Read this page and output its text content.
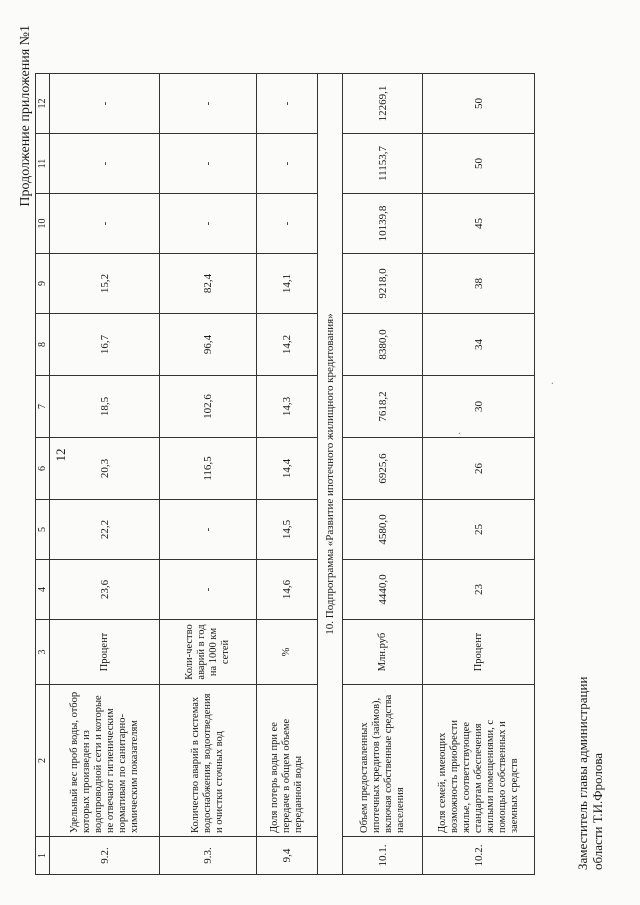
12
Продолжение приложения №1
1	2	3	4	5	6	7	8	9	10	11	12
9.2.	Удельный вес проб воды, отбор которых произведен из водопроводной сети и которые не отвечают гигиеническим нормативам по санитарно-химическим показателям	Процент	23,6	22,2	20,3	18,5	16,7	15,2	-	-	-
9.3.	Количество аварий в системах водоснабжения, водоотведения и очистки сточных вод	Коли-чество аварий в год на 1000 км сетей	-	-	116,5	102,6	96,4	82,4	-	-	-
9,4	Доля потерь воды при ее передаче в общем объеме переданной воды	%	14,6	14,5	14,4	14,3	14,2	14,1	-	-	-
10. Подпрограмма «Развитие ипотечного жилищного кредитования»											
10.1.	Объем предоставленных ипотечных кредитов (займов), включая собственные средства населения	Млн.руб	4440,0	4580,0	6925,6	7618,2	8380,0	9218,0	10139,8	11153,7	12269,1
10.2.	Доля семей, имеющих возможность приобрести жилье, соответствующее стандартам обеспечения жилыми помещениями, с помощью собственных и заемных средств	Процент	23	25	26	30	34	38	45	50	50
Заместитель главы администрации области Т.И.Фролова
·
·
